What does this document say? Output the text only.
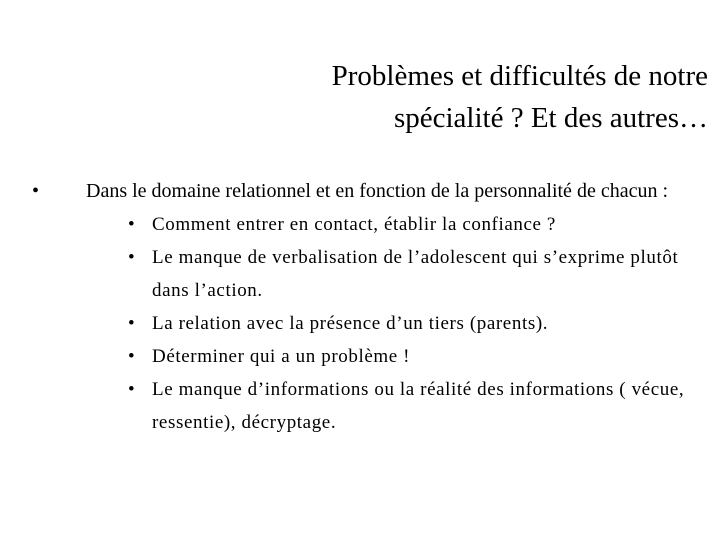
Problèmes et difficultés de notre
spécialité ? Et des autres…
• Dans le domaine relationnel et en fonction de la personnalité de chacun :
• Comment entrer en contact, établir la confiance ?
• Le manque de verbalisation de l’adolescent qui s’exprime plutôt dans l’action.
• La relation avec la présence d’un tiers (parents).
• Déterminer qui a un problème !
• Le manque d’informations ou la réalité des informations ( vécue, ressentie), décryptage.
